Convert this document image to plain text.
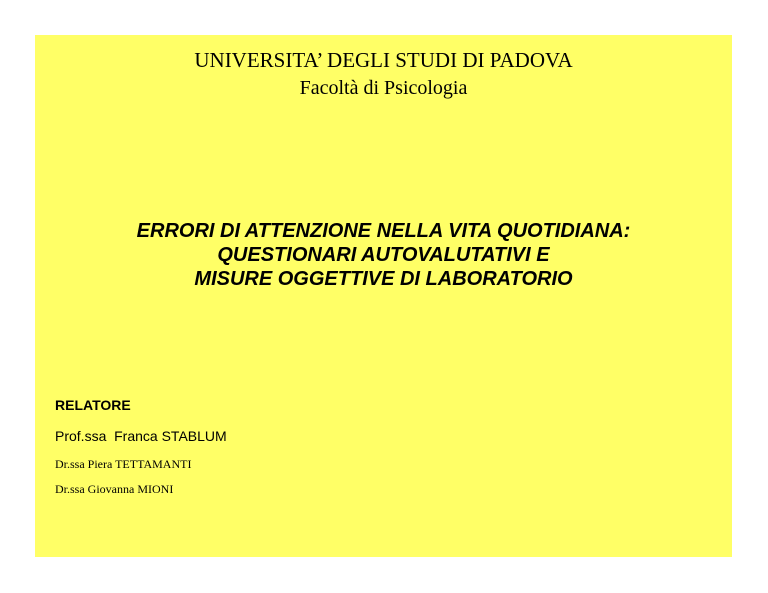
UNIVERSITA’ DEGLI STUDI DI PADOVA
Facoltà di Psicologia
ERRORI DI ATTENZIONE NELLA VITA QUOTIDIANA:
QUESTIONARI AUTOVALUTATIVI E
MISURE OGGETTIVE DI LABORATORIO
RELATORE
Prof.ssa  Franca STABLUM
Dr.ssa Piera TETTAMANTI
Dr.ssa Giovanna MIONI
